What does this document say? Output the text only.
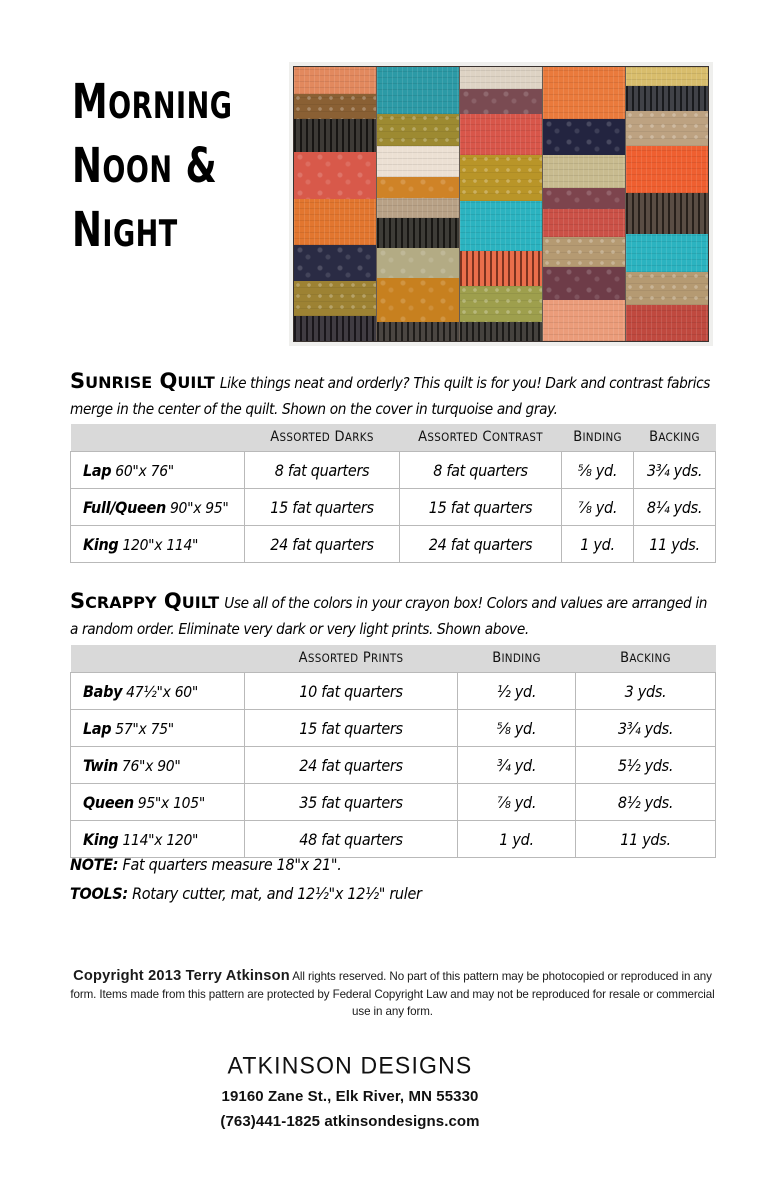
MORNING
NOON &
NIGHT
SUNRISE QUILT Like things neat and orderly? This quilt is for you! Dark and contrast fabrics merge in the center of the quilt. Shown on the cover in turquoise and gray.
	ASSORTED DARKS	ASSORTED CONTRAST	BINDING	BACKING
Lap 60"x 76"	8 fat quarters	8 fat quarters	⅝ yd.	3¾ yds.
Full/Queen 90"x 95"	15 fat quarters	15 fat quarters	⅞ yd.	8¼ yds.
King 120"x 114"	24 fat quarters	24 fat quarters	1 yd.	11 yds.
SCRAPPY QUILT Use all of the colors in your crayon box! Colors and values are arranged in a random order. Eliminate very dark or very light prints. Shown above.
	ASSORTED PRINTS	BINDING	BACKING
Baby 47½"x 60"	10 fat quarters	½ yd.	3 yds.
Lap 57"x 75"	15 fat quarters	⅝ yd.	3¾ yds.
Twin 76"x 90"	24 fat quarters	¾ yd.	5½ yds.
Queen 95"x 105"	35 fat quarters	⅞ yd.	8½ yds.
King 114"x 120"	48 fat quarters	1 yd.	11 yds.
NOTE: Fat quarters measure 18"x 21".
TOOLS: Rotary cutter, mat, and 12½"x 12½" ruler
Copyright 2013 Terry Atkinson All rights reserved. No part of this pattern may be photocopied or reproduced in any form. Items made from this pattern are protected by Federal Copyright Law and may not be reproduced for resale or commercial use in any form.
ATKINSON DESIGNS
19160 Zane St., Elk River, MN 55330
(763)441-1825 atkinsondesigns.com
